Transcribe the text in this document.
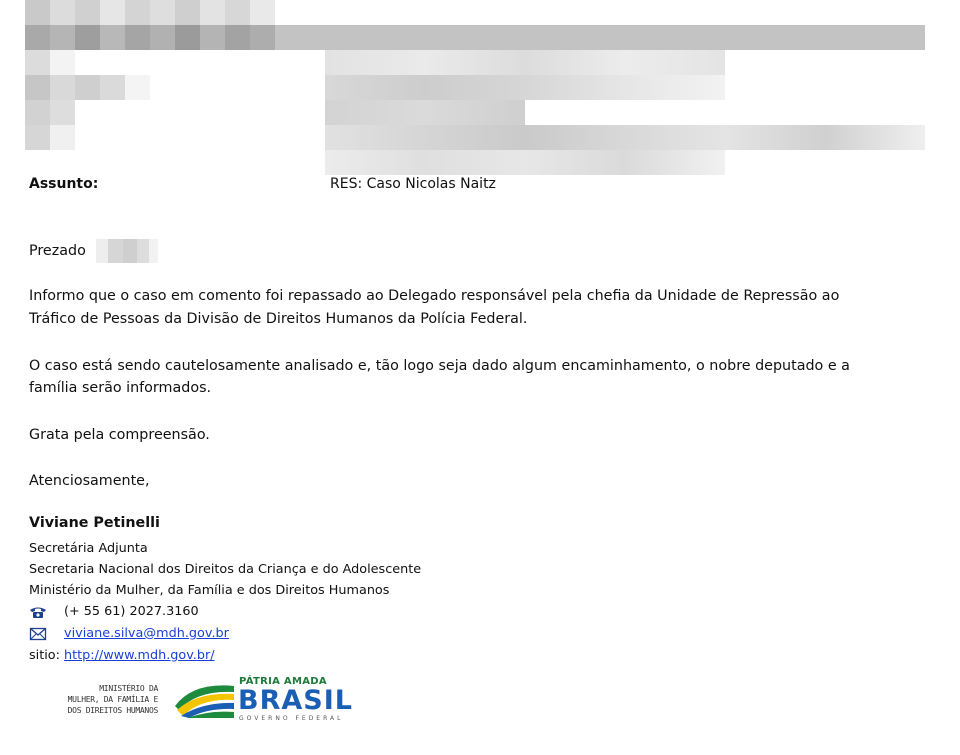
Assunto:	RES: Caso Nicolas Naitz
Prezado
Informo que o caso em comento foi repassado ao Delegado responsável pela chefia da Unidade de Repressão ao
Tráfico de Pessoas da Divisão de Direitos Humanos da Polícia Federal.
O caso está sendo cautelosamente analisado e, tão logo seja dado algum encaminhamento, o nobre deputado e a
família serão informados.
Grata pela compreensão.
Atenciosamente,
Viviane Petinelli
Secretária Adjunta
Secretaria Nacional dos Direitos da Criança e do Adolescente
Ministério da Mulher, da Família e dos Direitos Humanos
(+ 55 61) 2027.3160
viviane.silva@mdh.gov.br
sitio: http://www.mdh.gov.br/
MINISTÉRIO DA
MULHER, DA FAMÍLIA E
DOS DIREITOS HUMANOS
PÁTRIA AMADA
BRASIL
GOVERNO FEDERAL
